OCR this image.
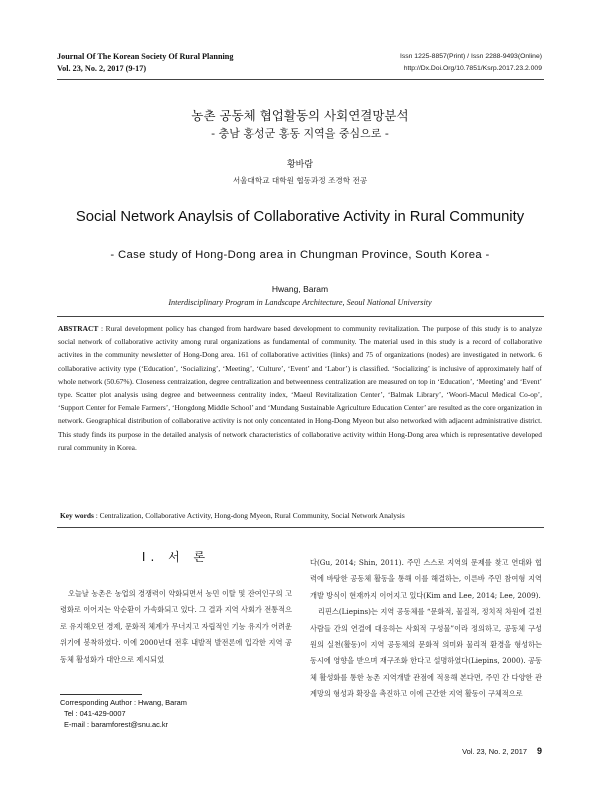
Journal Of The Korean Society Of Rural Planning
Vol. 23, No. 2, 2017 (9-17)
Issn 1225-8857(Print) / Issn 2288-9493(Online)
http://Dx.Doi.Org/10.7851/Ksrp.2017.23.2.009
농촌 공동체 협업활동의 사회연결망분석
- 충남 홍성군 홍동 지역을 중심으로 -
황바람
서울대학교 대학원 협동과정 조경학 전공
Social Network Anaylsis of Collaborative Activity in Rural Community
- Case study of Hong-Dong area in Chungman Province, South Korea -
Hwang, Baram
Interdisciplinary Program in Landscape Architecture, Seoul National University
ABSTRACT : Rural development policy has changed from hardware based development to community revitalization. The purpose of this study is to analyze social network of collaborative activity among rural organizations as fundamental of community. The material used in this study is a record of collaborative activites in the community newsletter of Hong-Dong area. 161 of collaborative activities (links) and 75 of organizations (nodes) are investigated in network. 6 collaborative activity type (‘Education’, ‘Socializing’, ‘Meeting’, ‘Culture’, ‘Event’ and ‘Labor’) is classified. ‘Socializing’ is inclusive of approximately half of whole network (50.67%). Closeness centraization, degree centralization and betweenness centralization are measured on top in ‘Education’, ‘Meeting’ and ‘Event’ type. Scatter plot analysis using degree and betweenness centrality index, ‘Maeul Revitalization Center’, ‘Balmak Library’, ‘Woori-Macul Medical Co-op’, ‘Support Center for Female Farmers’, ‘Hongdong Middle School’ and ‘Mundang Sustainable Agriculture Education Center’ are resulted as the core organization in network. Geographical distribution of collaborative activity is not only concentated in Hong-Dong Myeon but also networked with adjacent administrative district. This study finds its purpose in the detailed analysis of network characteristics of collaborative activity within Hong-Dong area which is representative developed rural community in Korea.
Key words : Centralization, Collaborative Activity, Hong-dong Myeon, Rural Community, Social Network Analysis
Ⅰ. 서 론

오늘날 농촌은 농업의 경쟁력이 약화되면서 농민 이탈 및 잔여인구의 고령화로 이어지는 악순환이 가속화되고 있다. 그 결과 지역 사회가 전통적으로 유지해오던 경제, 문화적 체계가 무너지고 자립적인 기능 유지가 어려운 위기에 봉착하였다. 이에 2000년대 전후 내발적 발전론에 입각한 지역 공동체 활성화가 대안으로 제시되었

다(Gu, 2014; Shin, 2011). 주민 스스로 지역의 문제를 찾고 연대와 협력에 바탕한 공동체 활동을 통해 이를 해결하는, 이른바 주민 참여형 지역개발 방식이 현재까지 이어지고 있다(Kim and Lee, 2014; Lee, 2009).

리핀스(Liepins)는 지역 공동체를 “문화적, 물질적, 정치적 차원에 걸친 사람들 간의 연결에 대응하는 사회적 구성물”이라 정의하고, 공동체 구성원의 실천(활동)이 지역 공동체의 문화적 의미와 물리적 환경을 형성하는 동시에 영향을 받으며 재구조화 한다고 설명하였다(Liepins, 2000). 공동체 활성화를 통한 농촌 지역개발 관점에 적용해 본다면, 주민 간 다양한 관계망의 형성과 확장을 촉진하고 이에 근간한 지역 활동이 구체적으로

Corresponding Author : Hwang, Baram
Tel : 041-429-0007
E-mail : baramforest@snu.ac.kr
Vol. 23, No. 2, 2017 9
